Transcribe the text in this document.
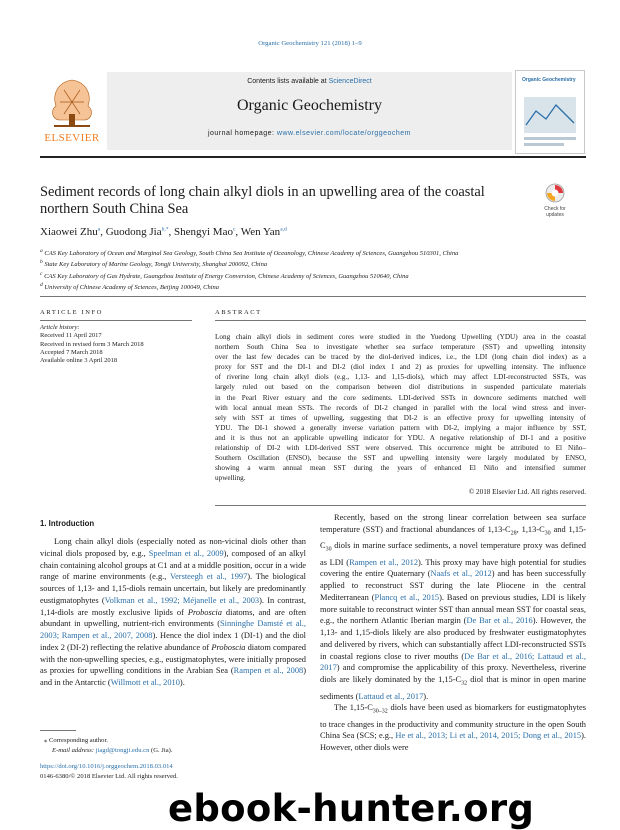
Organic Geochemistry 121 (2018) 1–9
ELSEVIER
Contents lists available at ScienceDirect
Organic Geochemistry
journal homepage: www.elsevier.com/locate/orggeochem
Organic Geochemistry
Sediment records of long chain alkyl diols in an upwelling area of the coastal northern South China Sea	Check for
updates
Xiaowei Zhu$^a$, Guodong Jia$^{b,*}$, Shengyi Mao$^c$, Wen Yan$^{a,d}$
$^a$ CAS Key Laboratory of Ocean and Marginal Sea Geology, South China Sea Institute of Oceanology, Chinese Academy of Sciences, Guangzhou 510301, China
$^b$ State Key Laboratory of Marine Geology, Tongji University, Shanghai 200092, China
$^c$ CAS Key Laboratory of Gas Hydrate, Guangzhou Institute of Energy Conversion, Chinese Academy of Sciences, Guangzhou 510640, China
$^d$ University of Chinese Academy of Sciences, Beijing 100049, China
ARTICLE INFO
Article history:
Received 11 April 2017
Received in revised form 3 March 2018
Accepted 7 March 2018
Available online 3 April 2018
ABSTRACT
Long chain alkyl diols in sediment cores were studied in the Yuedong Upwelling (YDU) area in the coastal
northern South China Sea to investigate whether sea surface temperature (SST) and upwelling intensity
over the last few decades can be traced by the diol-derived indices, i.e., the LDI (long chain diol index) as a
proxy for SST and the DI-1 and DI-2 (diol index 1 and 2) as proxies for upwelling intensity. The influence
of riverine long chain alkyl diols (e.g., 1,13- and 1,15-diols), which may affect LDI-reconstructed SSTs, was
largely ruled out based on the comparison between diol distributions in suspended particulate materials
in the Pearl River estuary and the core sediments. LDI-derived SSTs in downcore sediments matched well
with local annual mean SSTs. The records of DI-2 changed in parallel with the local wind stress and inver-
sely with SST at times of upwelling, suggesting that DI-2 is an effective proxy for upwelling intensity of
YDU. The DI-1 showed a generally inverse variation pattern with DI-2, implying a major influence by SST,
and it is thus not an applicable upwelling indicator for YDU. A negative relationship of DI-1 and a positive
relationship of DI-2 with LDI-derived SST were observed. This occurrence might be attributed to El Niño–
Southern Oscillation (ENSO), because the SST and upwelling intensity were largely modulated by ENSO,
showing a warm annual mean SST during the years of enhanced El Niño and intensified summer
upwelling.
© 2018 Elsevier Ltd. All rights reserved.
1. Introduction

Long chain alkyl diols (especially noted as non-vicinal diols other than vicinal diols proposed by, e.g., Speelman et al., 2009), composed of an alkyl chain containing alcohol groups at C1 and at a middle position, occur in a wide range of marine environments (e.g., Versteegh et al., 1997). The biological sources of 1,13- and 1,15-diols remain uncertain, but likely are predominantly eustigmatophytes (Volkman et al., 1992; Méjanelle et al., 2003). In contrast, 1,14-diols are mostly exclusive lipids of Proboscia diatoms, and are often abundant in upwelling, nutrient-rich environments (Sinninghe Damsté et al., 2003; Rampen et al., 2007, 2008). Hence the diol index 1 (DI-1) and the diol index 2 (DI-2) reflecting the relative abundance of Proboscia diatom compared with the non-upwelling species, e.g., eustigmatophytes, were initially proposed as proxies for upwelling conditions in the Arabian Sea (Rampen et al., 2008) and in the Antarctic (Willmott et al., 2010).

Recently, based on the strong linear correlation between sea surface temperature (SST) and fractional abundances of $1,13-C_{28}$, $1,13-C_{30}$ and $1,15-C_{30}$ diols in marine surface sediments, a novel temperature proxy was defined as LDI (Rampen et al., 2012). This proxy may have high potential for studies covering the entire Quaternary (Naafs et al., 2012) and has been successfully applied to reconstruct SST during the late Pliocene in the central Mediterranean (Plancq et al., 2015). Based on previous studies, LDI is likely more suitable to reconstruct winter SST than annual mean SST for coastal seas, e.g., the northern Atlantic Iberian margin (De Bar et al., 2016). However, the 1,13- and 1,15-diols likely are also produced by freshwater eustigmatophytes and delivered by rivers, which can substantially affect LDI-reconstructed SSTs in coastal regions close to river mouths (De Bar et al., 2016; Lattaud et al., 2017) and compromise the applicability of this proxy. Nevertheless, riverine diols are likely dominated by the $1,15-C_{32}$ diol that is minor in open marine sediments (Lattaud et al., 2017).

The $1,15-C_{30-32}$ diols have been used as biomarkers for eustigmatophytes to trace changes in the productivity and community structure in the open South China Sea (SCS; e.g., He et al., 2013; Li et al., 2014, 2015; Dong et al., 2015). However, other diols were

⁎ Corresponding author.
E-mail address: jiagd@tongji.edu.cn (G. Jia).
https://doi.org/10.1016/j.orggeochem.2018.03.014
0146-6380/© 2018 Elsevier Ltd. All rights reserved.
ebook-hunter.org
